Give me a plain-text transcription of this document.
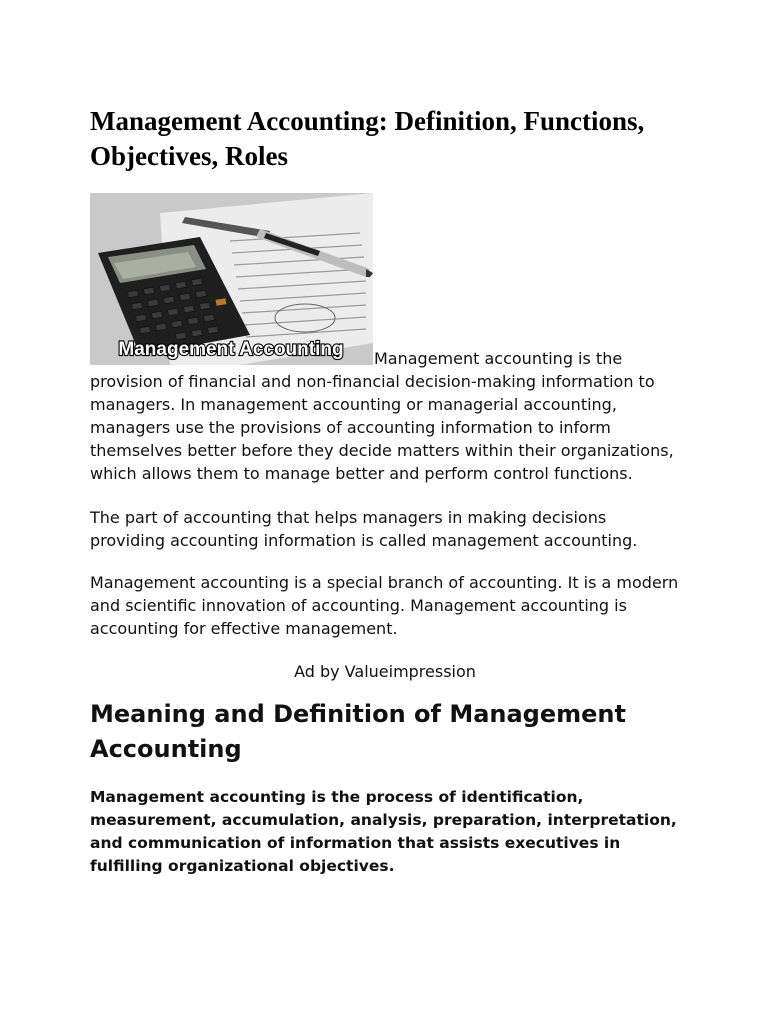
Management Accounting: Definition, Functions, Objectives, Roles
Management Accounting Management accounting is the

provision of financial and non-financial decision-making information to managers. In management accounting or managerial accounting, managers use the provisions of accounting information to inform themselves better before they decide matters within their organizations, which allows them to manage better and perform control functions.

The part of accounting that helps managers in making decisions providing accounting information is called management accounting.

Management accounting is a special branch of accounting. It is a modern and scientific innovation of accounting. Management accounting is accounting for effective management.

Ad by Valueimpression
Meaning and Definition of Management Accounting

Management accounting is the process of identification, measurement, accumulation, analysis, preparation, interpretation, and communication of information that assists executives in fulfilling organizational objectives.
